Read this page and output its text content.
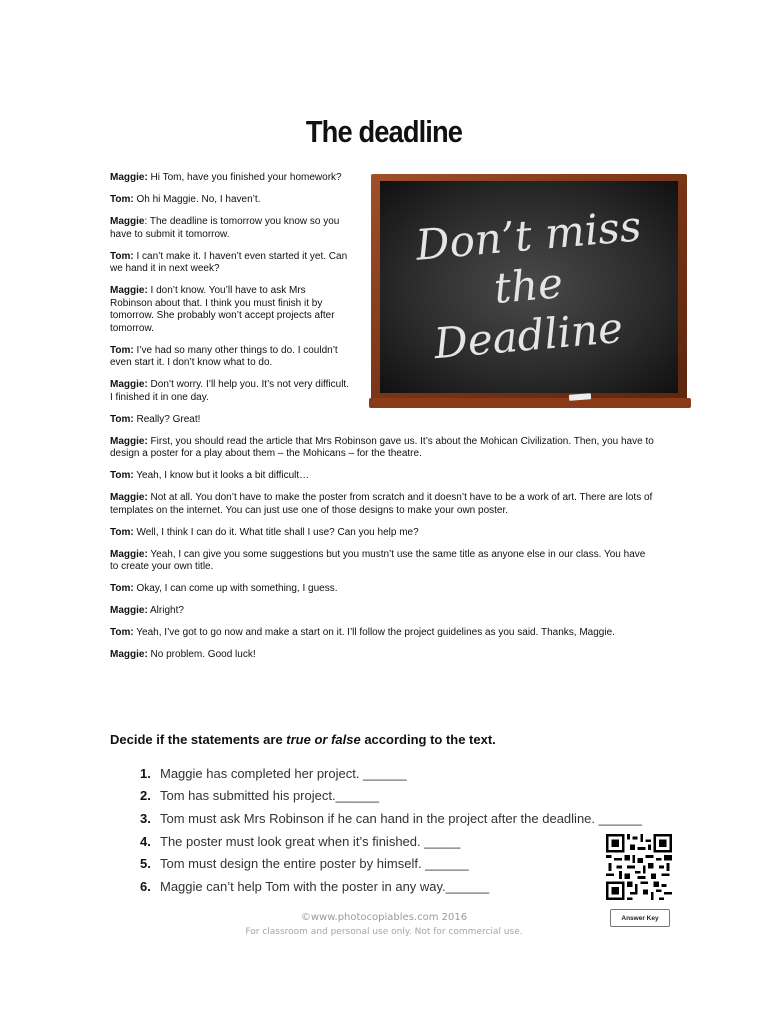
The deadline
Don’t miss
the
Deadline
Maggie: Hi Tom, have you finished your homework?
Tom: Oh hi Maggie. No, I haven’t.
Maggie: The deadline is tomorrow you know so you have to submit it tomorrow.
Tom: I can’t make it. I haven’t even started it yet. Can we hand it in next week?
Maggie: I don’t know. You’ll have to ask Mrs Robinson about that. I think you must finish it by tomorrow. She probably won’t accept projects after tomorrow.
Tom: I’ve had so many other things to do. I couldn’t even start it. I don’t know what to do.
Maggie: Don’t worry. I’ll help you. It’s not very difficult. I finished it in one day.
Tom: Really? Great!
Maggie: First, you should read the article that Mrs Robinson gave us. It’s about the Mohican Civilization. Then, you have to design a poster for a play about them – the Mohicans – for the theatre.
Tom: Yeah, I know but it looks a bit difficult…
Maggie: Not at all. You don’t have to make the poster from scratch and it doesn’t have to be a work of art. There are lots of templates on the internet. You can just use one of those designs to make your own poster.
Tom: Well, I think I can do it. What title shall I use? Can you help me?
Maggie: Yeah, I can give you some suggestions but you mustn’t use the same title as anyone else in our class. You have to create your own title.
Tom: Okay, I can come up with something, I guess.
Maggie: Alright?
Tom: Yeah, I’ve got to go now and make a start on it. I’ll follow the project guidelines as you said. Thanks, Maggie.
Maggie: No problem. Good luck!
Decide if the statements are true or false according to the text.
1. Maggie has completed her project. ______
2. Tom has submitted his project.______
3. Tom must ask Mrs Robinson if he can hand in the project after the deadline. ______
4. The poster must look great when it’s finished. _____
5. Tom must design the entire poster by himself. ______
6. Maggie can’t help Tom with the poster in any way.______
Answer Key
©www.photocopiables.com 2016
For classroom and personal use only. Not for commercial use.
